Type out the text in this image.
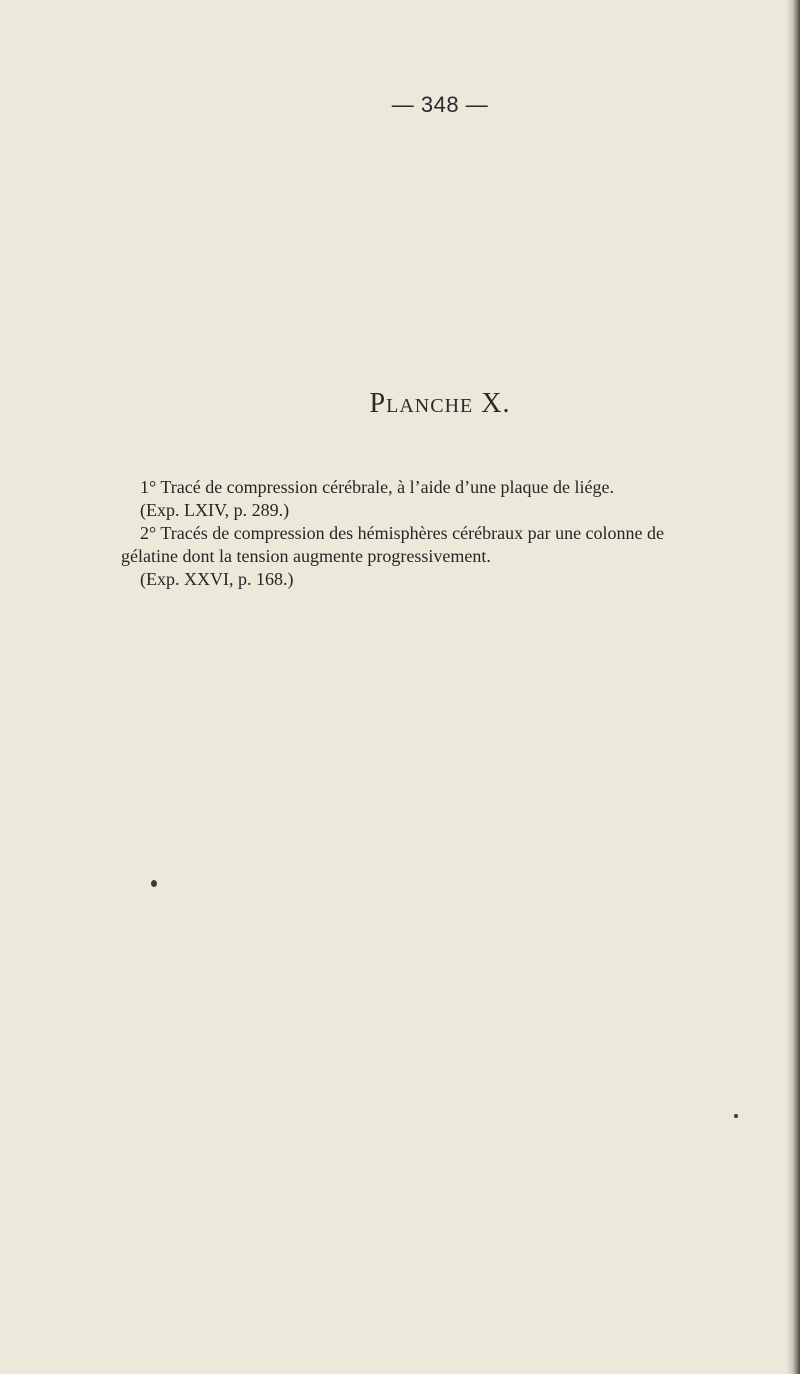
— 348 —
Planche X.

1° Tracé de compression cérébrale, à l’aide d’une plaque de liége.
(Exp. LXIV, p. 289.)

2° Tracés de compression des hémisphères cérébraux par une colonne de
gélatine dont la tension augmente progressivement.
(Exp. XXVI, p. 168.)
